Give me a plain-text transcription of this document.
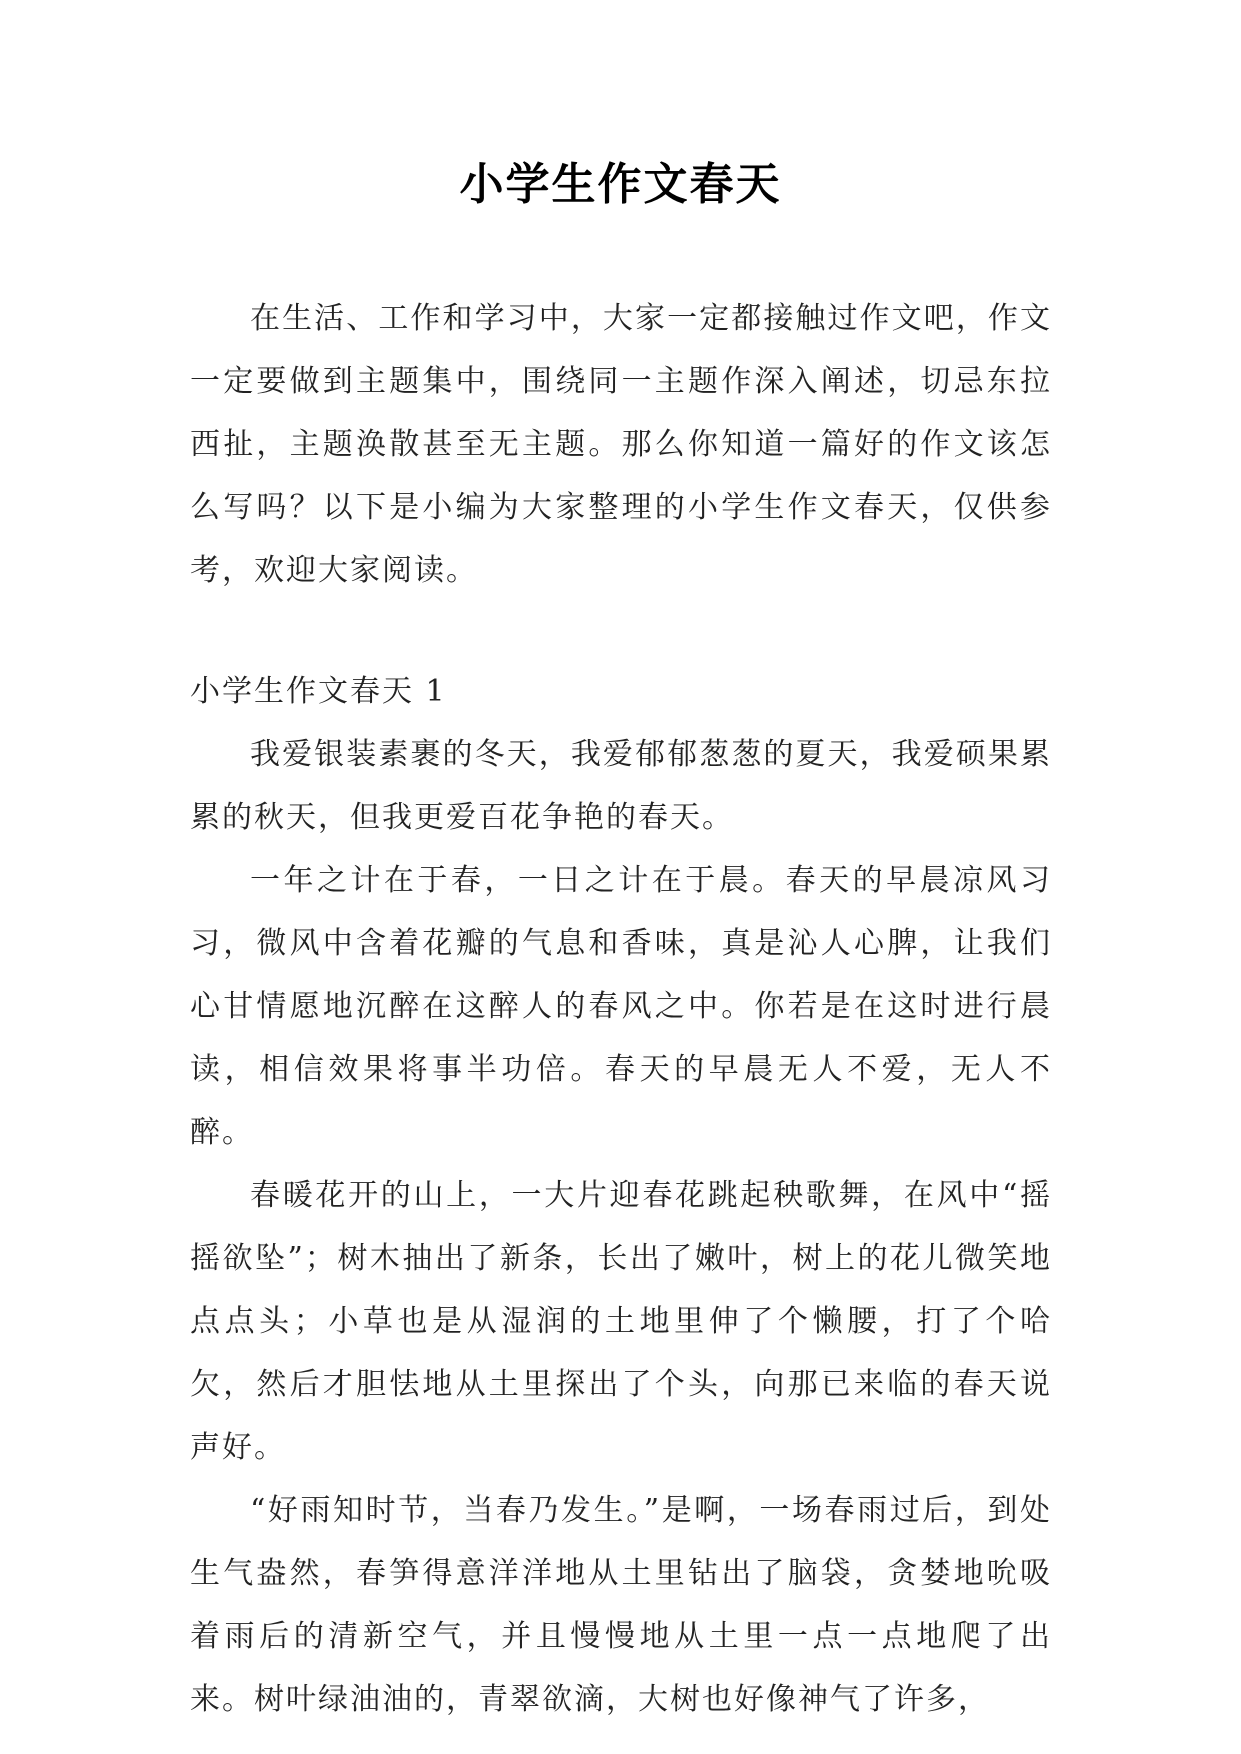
小学生作文春天

在生活、工作和学习中，大家一定都接触过作文吧，作文一定要做到主题集中，围绕同一主题作深入阐述，切忌东拉西扯，主题涣散甚至无主题。那么你知道一篇好的作文该怎么写吗？以下是小编为大家整理的小学生作文春天，仅供参考，欢迎大家阅读。

小学生作文春天 1

我爱银装素裹的冬天，我爱郁郁葱葱的夏天，我爱硕果累累的秋天，但我更爱百花争艳的春天。

一年之计在于春，一日之计在于晨。春天的早晨凉风习习，微风中含着花瓣的气息和香味，真是沁人心脾，让我们心甘情愿地沉醉在这醉人的春风之中。你若是在这时进行晨读，相信效果将事半功倍。春天的早晨无人不爱，无人不醉。

春暖花开的山上，一大片迎春花跳起秧歌舞，在风中“摇摇欲坠”；树木抽出了新条，长出了嫩叶，树上的花儿微笑地点点头；小草也是从湿润的土地里伸了个懒腰，打了个哈欠，然后才胆怯地从土里探出了个头，向那已来临的春天说声好。

“好雨知时节，当春乃发生。”是啊，一场春雨过后，到处生气盎然，春笋得意洋洋地从土里钻出了脑袋，贪婪地吮吸着雨后的清新空气，并且慢慢地从土里一点一点地爬了出来。树叶绿油油的，青翠欲滴，大树也好像神气了许多，
